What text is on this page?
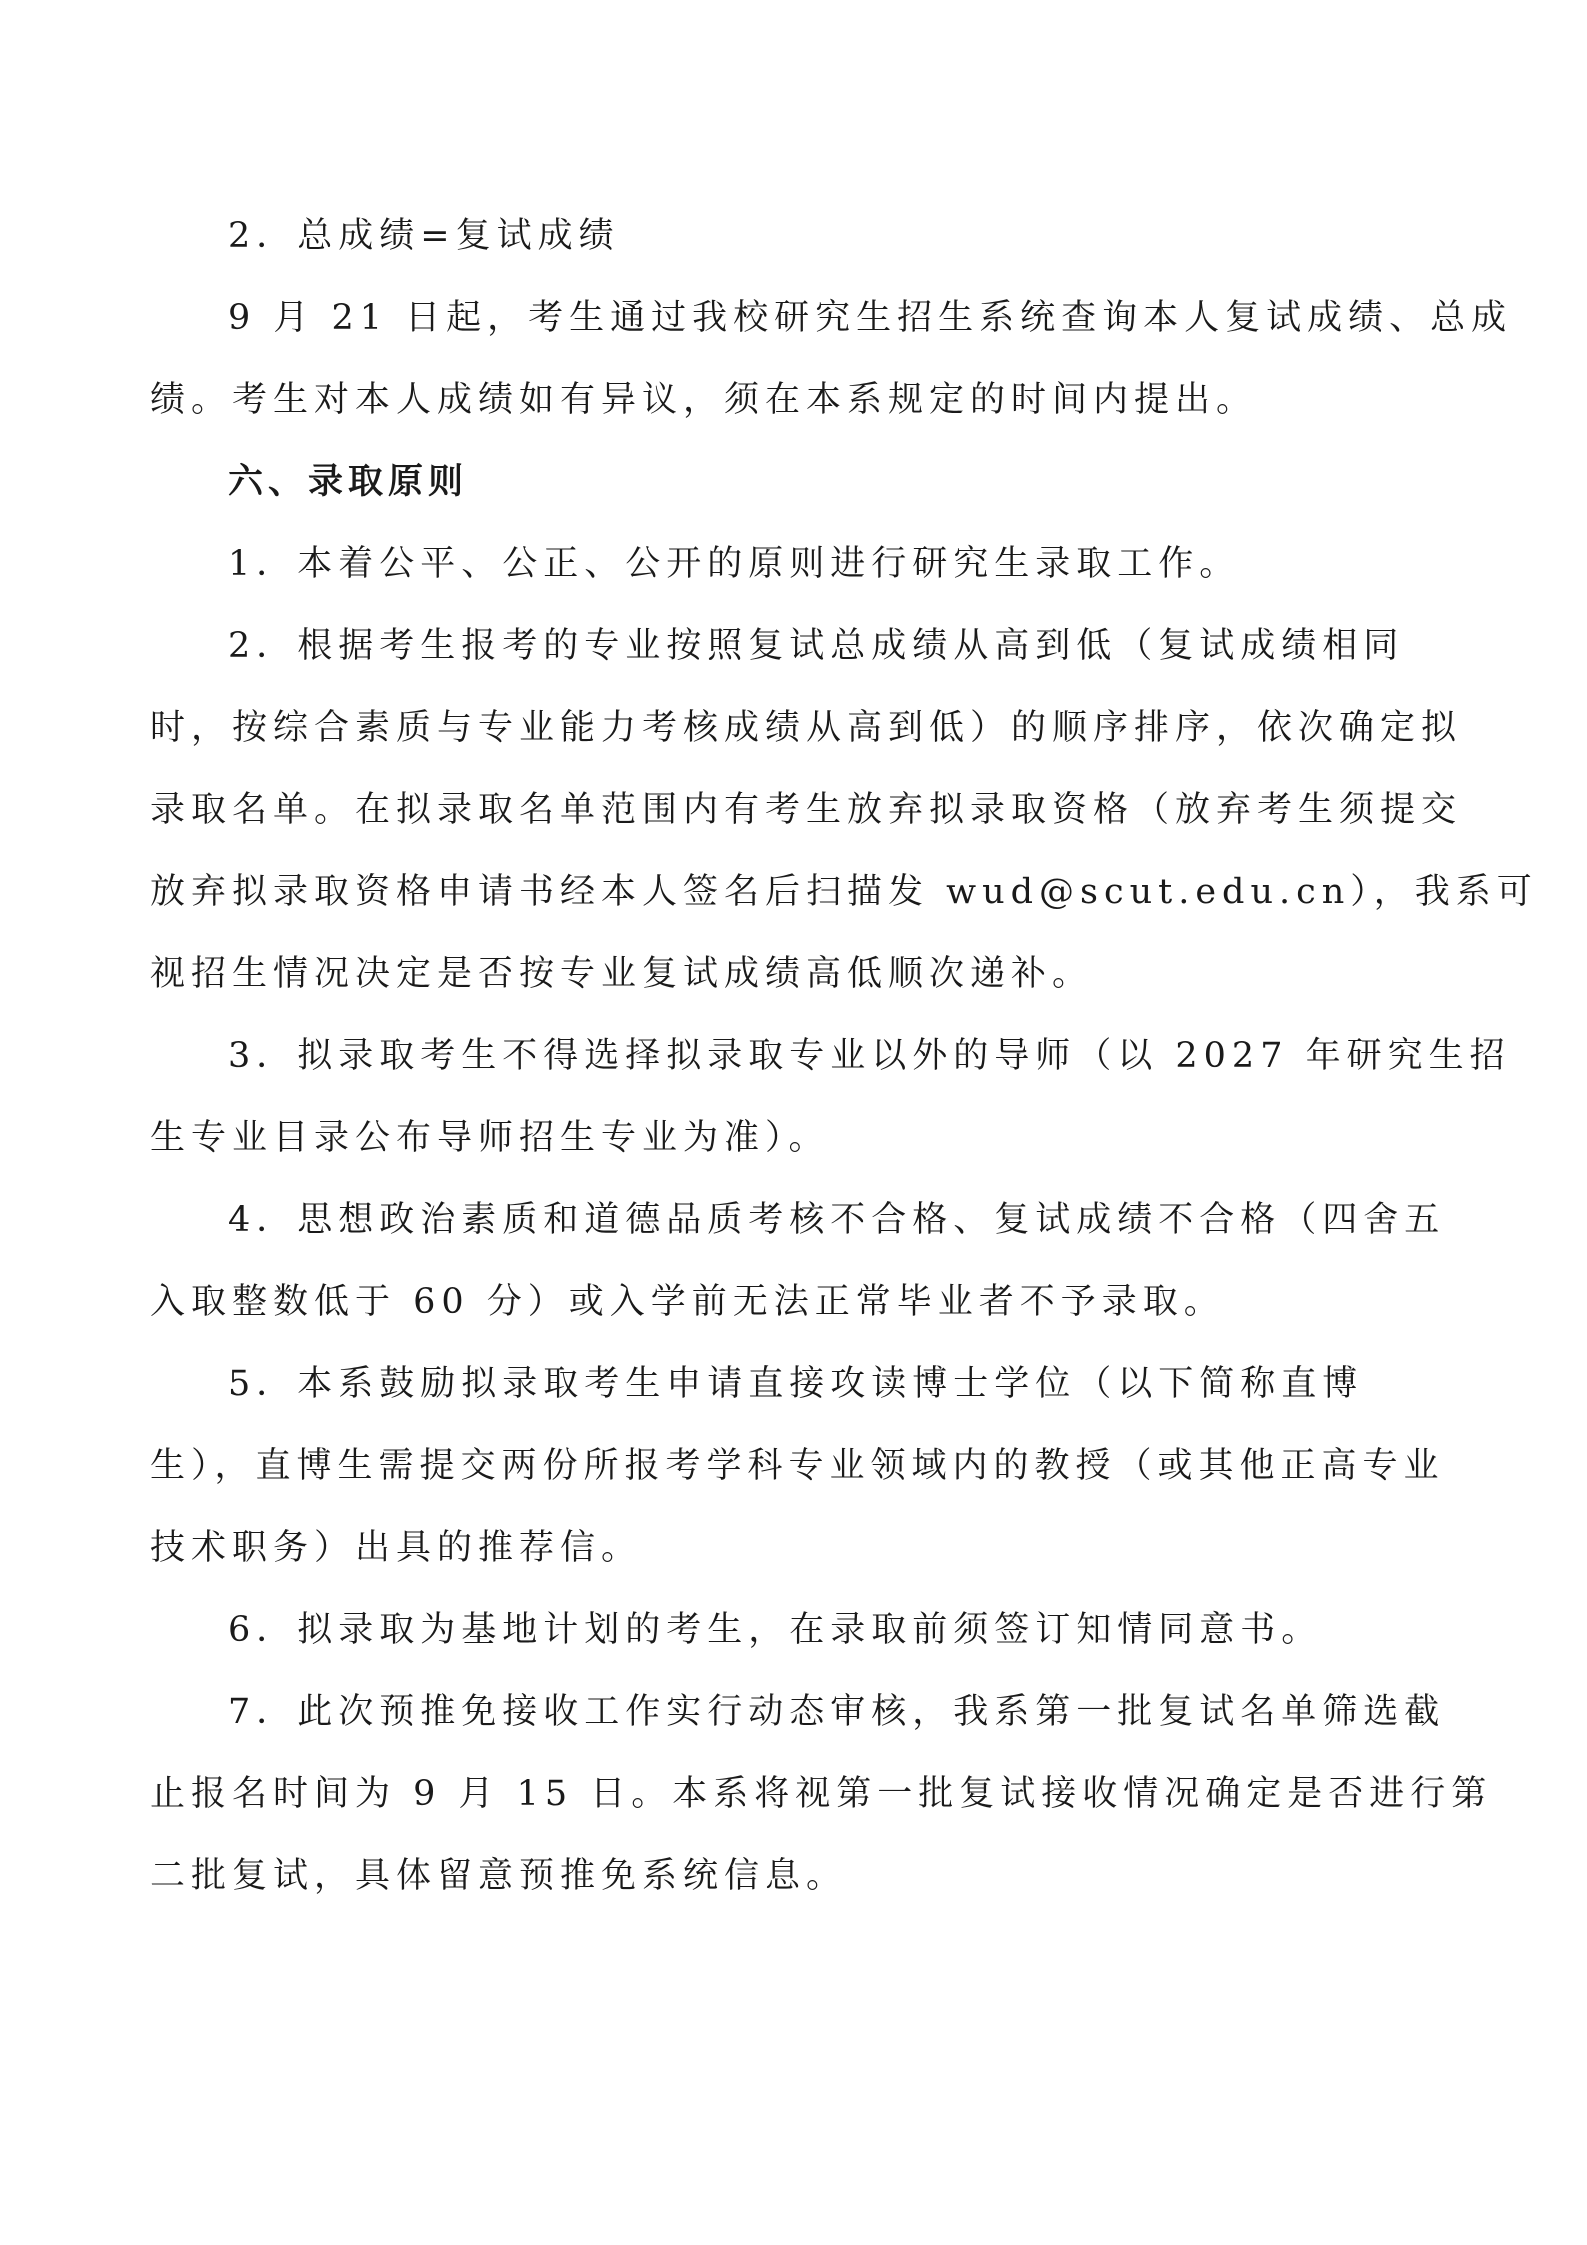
2．总成绩=复试成绩
9 月 21 日起，考生通过我校研究生招生系统查询本人复试成绩、总成
绩。考生对本人成绩如有异议，须在本系规定的时间内提出。
六、录取原则
1．本着公平、公正、公开的原则进行研究生录取工作。
2．根据考生报考的专业按照复试总成绩从高到低（复试成绩相同
时，按综合素质与专业能力考核成绩从高到低）的顺序排序，依次确定拟
录取名单。在拟录取名单范围内有考生放弃拟录取资格（放弃考生须提交
放弃拟录取资格申请书经本人签名后扫描发 wud@scut.edu.cn），我系可
视招生情况决定是否按专业复试成绩高低顺次递补。
3．拟录取考生不得选择拟录取专业以外的导师（以 2027 年研究生招
生专业目录公布导师招生专业为准）。
4．思想政治素质和道德品质考核不合格、复试成绩不合格（四舍五
入取整数低于 60 分）或入学前无法正常毕业者不予录取。
5．本系鼓励拟录取考生申请直接攻读博士学位（以下简称直博
生），直博生需提交两份所报考学科专业领域内的教授（或其他正高专业
技术职务）出具的推荐信。
6．拟录取为基地计划的考生，在录取前须签订知情同意书。
7．此次预推免接收工作实行动态审核，我系第一批复试名单筛选截
止报名时间为 9 月 15 日。本系将视第一批复试接收情况确定是否进行第
二批复试，具体留意预推免系统信息。
